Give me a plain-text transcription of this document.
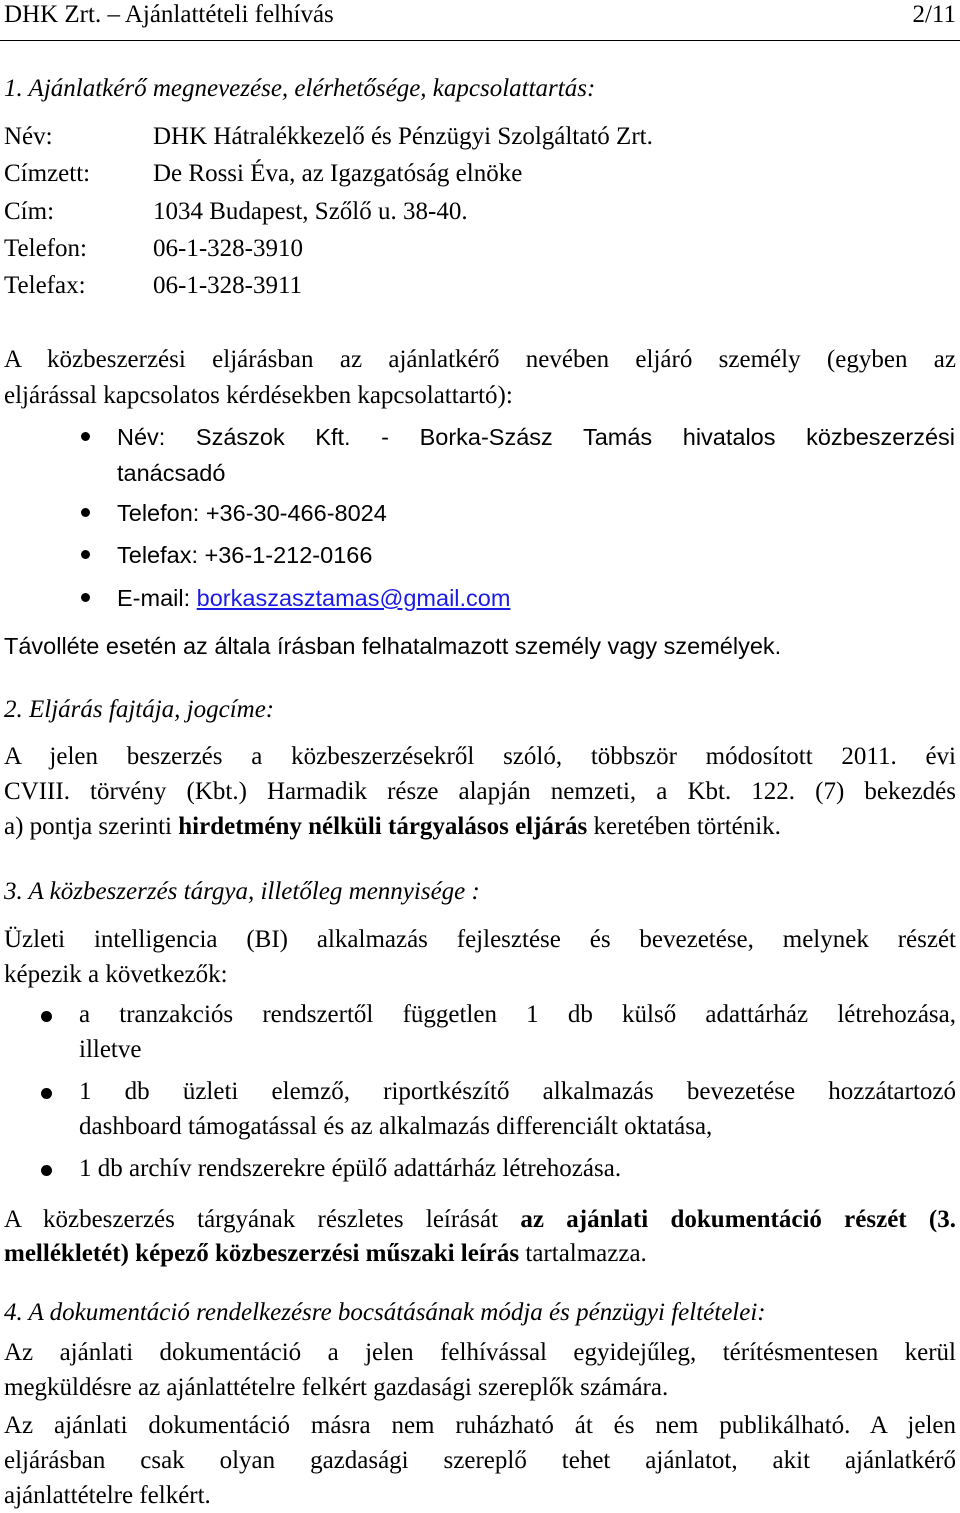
DHK Zrt. – Ajánlattételi felhívás	2/11
1. Ajánlatkérő megnevezése, elérhetősége, kapcsolattartás:
Név:	DHK Hátralékkezelő és Pénzügyi Szolgáltató Zrt.
Címzett:	De Rossi Éva, az Igazgatóság elnöke
Cím:	1034 Budapest, Szőlő u. 38-40.
Telefon:	06-1-328-3910
Telefax:	06-1-328-3911
A közbeszerzési eljárásban az ajánlatkérő nevében eljáró személy (egyben az
eljárással kapcsolatos kérdésekben kapcsolattartó):
Név: Szászok Kft. - Borka-Szász Tamás hivatalos közbeszerzési
tanácsadó
Telefon: +36-30-466-8024
Telefax: +36-1-212-0166
E-mail: borkaszasztamas@gmail.com
Távolléte esetén az általa írásban felhatalmazott személy vagy személyek.
2. Eljárás fajtája, jogcíme:
A jelen beszerzés a közbeszerzésekről szóló, többször módosított 2011. évi
CVIII. törvény (Kbt.) Harmadik része alapján nemzeti, a Kbt. 122. (7) bekezdés
a) pontja szerinti hirdetmény nélküli tárgyalásos eljárás keretében történik.
3. A közbeszerzés tárgya, illetőleg mennyisége :
Üzleti intelligencia (BI) alkalmazás fejlesztése és bevezetése, melynek részét
képezik a következők:
a tranzakciós rendszertől független 1 db külső adattárház létrehozása,
illetve
1 db üzleti elemző, riportkészítő alkalmazás bevezetése hozzátartozó
dashboard támogatással és az alkalmazás differenciált oktatása,
1 db archív rendszerekre épülő adattárház létrehozása.
A közbeszerzés tárgyának részletes leírását az ajánlati dokumentáció részét (3.
mellékletét) képező közbeszerzési műszaki leírás tartalmazza.
4. A dokumentáció rendelkezésre bocsátásának módja és pénzügyi feltételei:
Az ajánlati dokumentáció a jelen felhívással egyidejűleg, térítésmentesen kerül
megküldésre az ajánlattételre felkért gazdasági szereplők számára.
Az ajánlati dokumentáció másra nem ruházható át és nem publikálható. A jelen
eljárásban csak olyan gazdasági szereplő tehet ajánlatot, akit ajánlatkérő
ajánlattételre felkért.
